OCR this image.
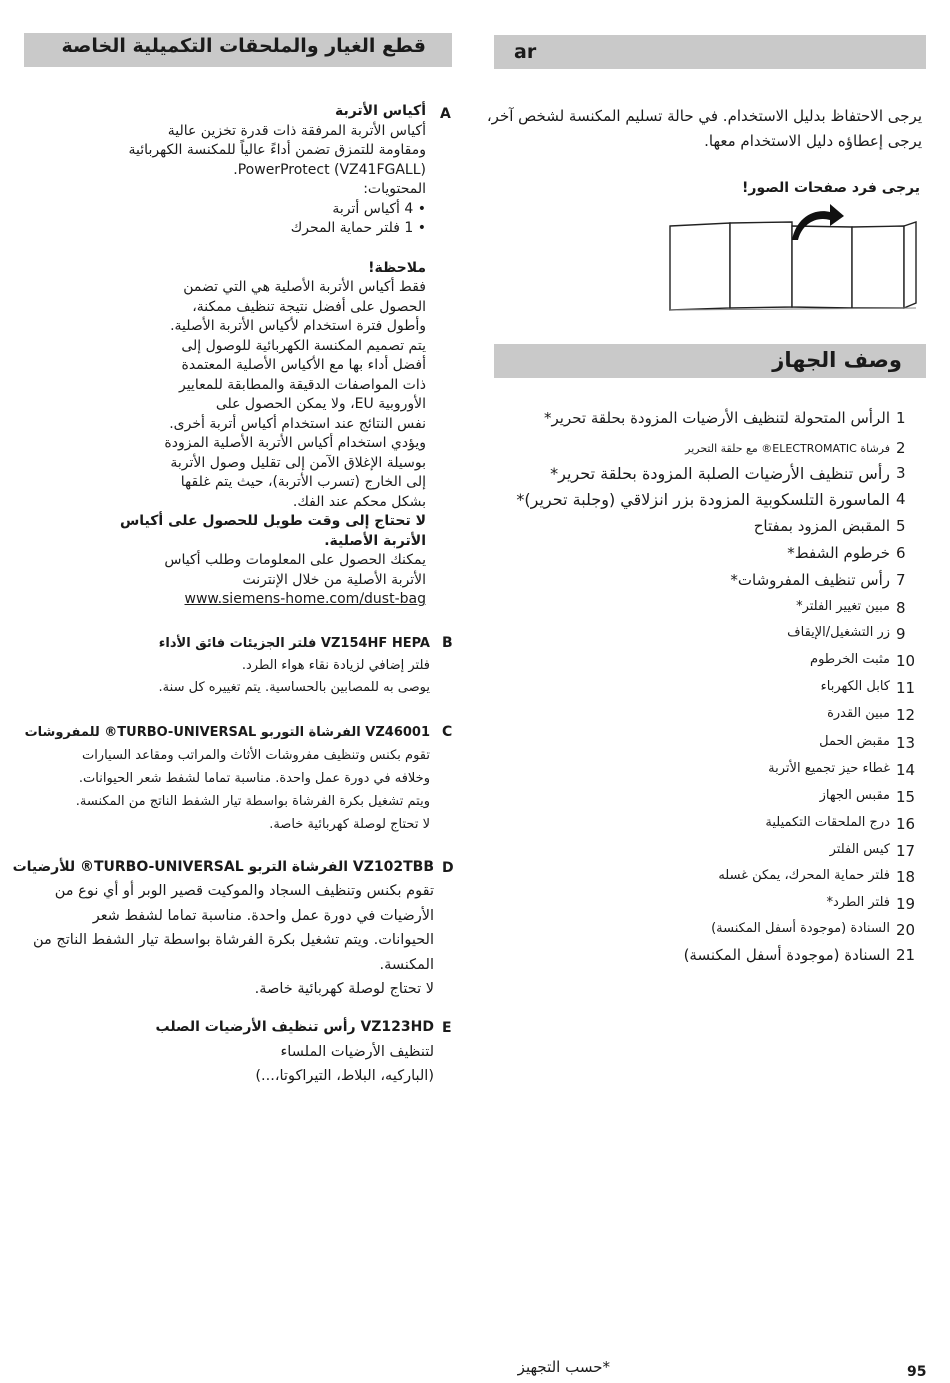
قطع الغيار والملحقات التكميلية الخاصة	ar
يرجى الاحتفاظ بدليل الاستخدام. في حالة تسليم المكنسة لشخص آخر،
يرجى إعطاؤه دليل الاستخدام معها.
يرجى فرد صفحات الصور!
وصف الجهاز
1
الرأس المتحولة لتنظيف الأرضيات المزودة بحلقة تحرير*
2
فرشاة ELECTROMATIC® مع حلقة التحرير
3
رأس تنظيف الأرضيات الصلبة المزودة بحلقة تحرير*
4
الماسورة التلسكوبية المزودة بزر انزلاقي (وجلبة تحرير)*
5
المقبض المزود بمفتاح
6
خرطوم الشفط*
7
رأس تنظيف المفروشات*
8
مبين تغيير الفلتر*
9
زر التشغيل/الإيقاف
10
مثبت الخرطوم
11
كابل الكهرباء
12
مبين القدرة
13
مقبض الحمل
14
غطاء حيز تجميع الأتربة
15
مقبس الجهاز
16
درج الملحقات التكميلية
17
كيس الفلتر
18
فلتر حماية المحرك، يمكن غسله
19
فلتر الطرد*
20
السنادة (موجودة أسفل المكنسة)
21
السنادة (موجودة أسفل المكنسة)
A
أكياس الأتربة
أكياس الأتربة المرفقة ذات قدرة تخزين عالية
ومقاومة للتمزق تضمن أداءً عالياً للمكنسة الكهربائية
PowerProtect (VZ41FGALL).
المحتويات:
• 4 أكياس أتربة
• 1 فلتر حماية المحرك
ملاحظة!
فقط أكياس الأتربة الأصلية هي التي تضمن
الحصول على أفضل نتيجة تنظيف ممكنة،
وأطول فترة استخدام لأكياس الأتربة الأصلية.
يتم تصميم المكنسة الكهربائية للوصول إلى
أفضل أداء بها مع الأكياس الأصلية المعتمدة
ذات المواصفات الدقيقة والمطابقة للمعايير
الأوروبية EU، ولا يمكن الحصول على
نفس النتائج عند استخدام أكياس أتربة أخرى.
ويؤدي استخدام أكياس الأتربة الأصلية المزودة
بوسيلة الإغلاق الآمن إلى تقليل وصول الأتربة
إلى الخارج (تسرب الأتربة)، حيث يتم غلقها
بشكل محكم عند الفك.
لا تحتاج إلى وقت طويل للحصول على أكياس
الأتربة الأصلية.
يمكنك الحصول على المعلومات وطلب أكياس
الأتربة الأصلية من خلال الإنترنت
www.siemens-home.com/dust-bag
B
VZ154HF HEPA فلتر الجزيئات فائق الأداء
فلتر إضافي لزيادة نقاء هواء الطرد.
يوصى به للمصابين بالحساسية. يتم تغييره كل سنة.
C
VZ46001 الفرشاة التوربو TURBO-UNIVERSAL® للمفروشات
تقوم بكنس وتنظيف مفروشات الأثاث والمراتب ومقاعد السيارات
وخلافه في دورة عمل واحدة. مناسبة تماما لشفط شعر الحيوانات.
ويتم تشغيل بكرة الفرشاة بواسطة تيار الشفط الناتج من المكنسة.
لا تحتاج لوصلة كهربائية خاصة.
D
VZ102TBB الفرشاة التربو TURBO-UNIVERSAL® للأرضيات
تقوم بكنس وتنظيف السجاد والموكيت قصير الوبر أو أي نوع من
الأرضيات في دورة عمل واحدة. مناسبة تماما لشفط شعر
الحيوانات. ويتم تشغيل بكرة الفرشاة بواسطة تيار الشفط الناتج من
المكنسة.
لا تحتاج لوصلة كهربائية خاصة.
E
VZ123HD رأس تنظيف الأرضيات الصلب
لتنظيف الأرضيات الملساء
(الباركيه، البلاط، التيراكوتا،...)
*حسب التجهيز	95
